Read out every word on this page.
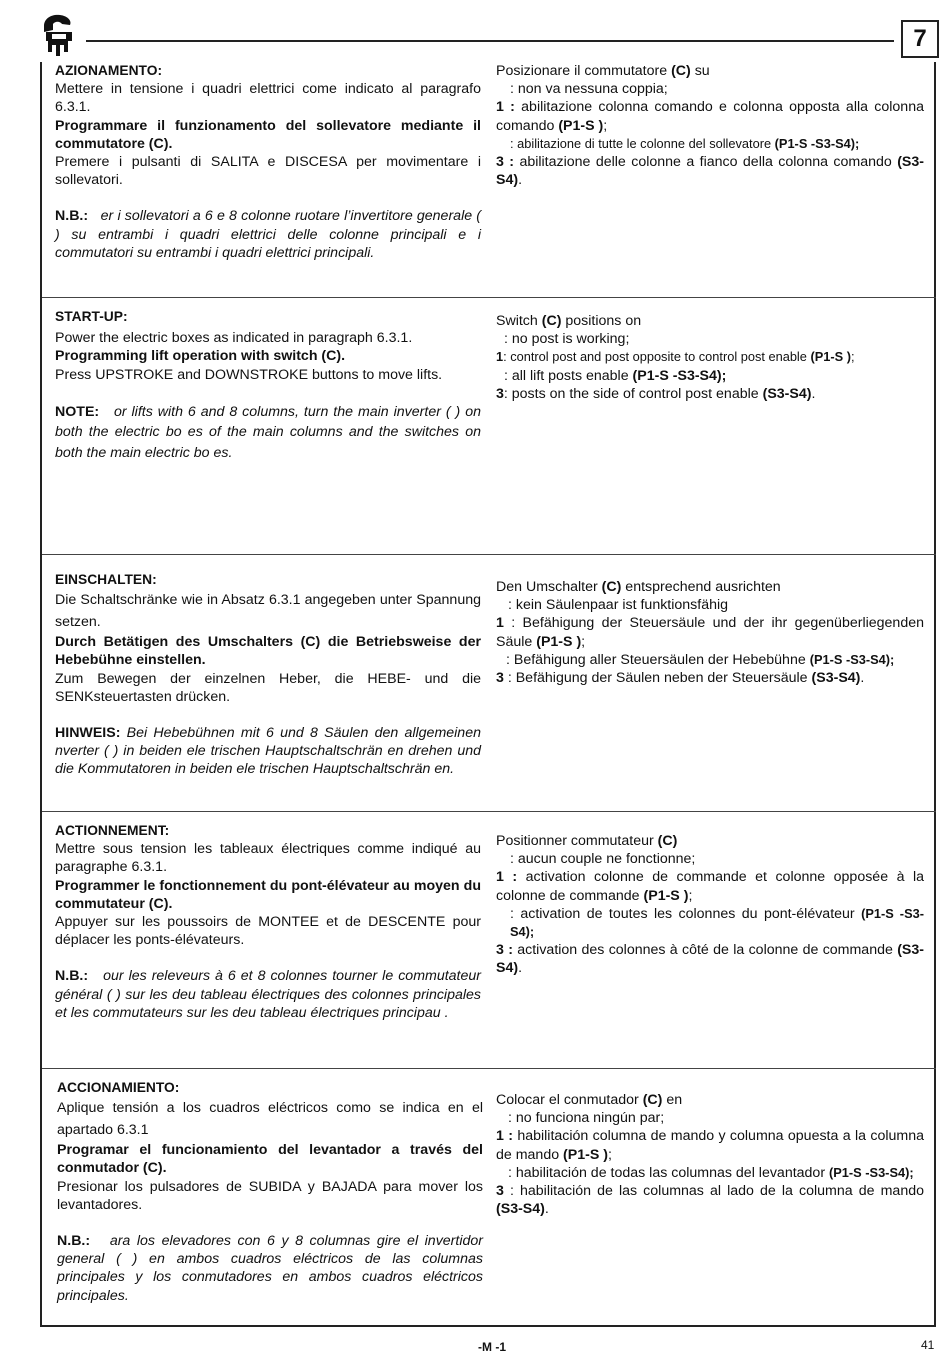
7
AZIONAMENTO:
Mettere in tensione i quadri elettrici come indicato al paragrafo 6.3.1.
Programmare il funzionamento del sollevatore mediante il commutatore (C).
Premere i pulsanti di SALITA e DISCESA per movimentare i sollevatori.
N.B.: er i sollevatori a 6 e 8 colonne ruotare l’invertitore generale ( ) su entrambi i quadri elettrici delle colonne principali e i commutatori su entrambi i quadri elettrici principali.
Posizionare il commutatore (C) su
: non va nessuna coppia;
1 : abilitazione colonna comando e colonna opposta alla colonna comando (P1-S );
: abilitazione di tutte le colonne del sollevatore (P1-S -S3-S4);
3 : abilitazione delle colonne a fianco della colonna comando (S3-S4).
START-UP:
Power the electric boxes as indicated in paragraph 6.3.1.
Programming lift operation with switch (C).
Press UPSTROKE and DOWNSTROKE buttons to move lifts.
NOTE: or lifts with 6 and 8 columns, turn the main inverter ( ) on both the electric bo es of the main columns and the switches on both the main electric bo es.
Switch (C) positions on
: no post is working;
1: control post and post opposite to control post enable (P1-S );
: all lift posts enable (P1-S -S3-S4);
3: posts on the side of control post enable (S3-S4).
EINSCHALTEN:
Die Schaltschränke wie in Absatz 6.3.1 angegeben unter Spannung setzen.
Durch Betätigen des Umschalters (C) die Betriebsweise der Hebebühne einstellen.
Zum Bewegen der einzelnen Heber, die HEBE- und die SENKsteuertasten drücken.
HINWEIS: Bei Hebebühnen mit 6 und 8 Säulen den allgemeinen nverter ( ) in beiden ele trischen Hauptschaltschrän en drehen und die Kommutatoren in beiden ele trischen Hauptschaltschrän en.
Den Umschalter (C) entsprechend ausrichten
: kein Säulenpaar ist funktionsfähig
1 : Befähigung der Steuersäule und der ihr gegenüberliegenden Säule (P1-S );
: Befähigung aller Steuersäulen der Hebebühne (P1-S -S3-S4);
3 : Befähigung der Säulen neben der Steuersäule (S3-S4).
ACTIONNEMENT:
Mettre sous tension les tableaux électriques comme indiqué au paragraphe 6.3.1.
Programmer le fonctionnement du pont-élévateur au moyen du commutateur (C).
Appuyer sur les poussoirs de MONTEE et de DESCENTE pour déplacer les ponts-élévateurs.
N.B.: our les releveurs à 6 et 8 colonnes tourner le commutateur général ( ) sur les deu tableau électriques des colonnes principales et les commutateurs sur les deu tableau électriques principau .
Positionner commutateur (C)
: aucun couple ne fonctionne;
1 : activation colonne de commande et colonne opposée à la colonne de commande (P1-S );
: activation de toutes les colonnes du pont-élévateur (P1-S -S3-S4);
3 : activation des colonnes à côté de la colonne de commande (S3-S4).
ACCIONAMIENTO:
Aplique tensión a los cuadros eléctricos como se indica en el apartado 6.3.1
Programar el funcionamiento del levantador a través del conmutador (C).
Presionar los pulsadores de SUBIDA y BAJADA para mover los levantadores.
N.B.: ara los elevadores con 6 y 8 columnas gire el invertidor general ( ) en ambos cuadros eléctricos de las columnas principales y los conmutadores en ambos cuadros eléctricos principales.
Colocar el conmutador (C) en
: no funciona ningún par;
1 : habilitación columna de mando y columna opuesta a la columna de mando (P1-S );
: habilitación de todas las columnas del levantador (P1-S -S3-S4);
3 : habilitación de las columnas al lado de la columna de mando (S3-S4).
-M -1	41
